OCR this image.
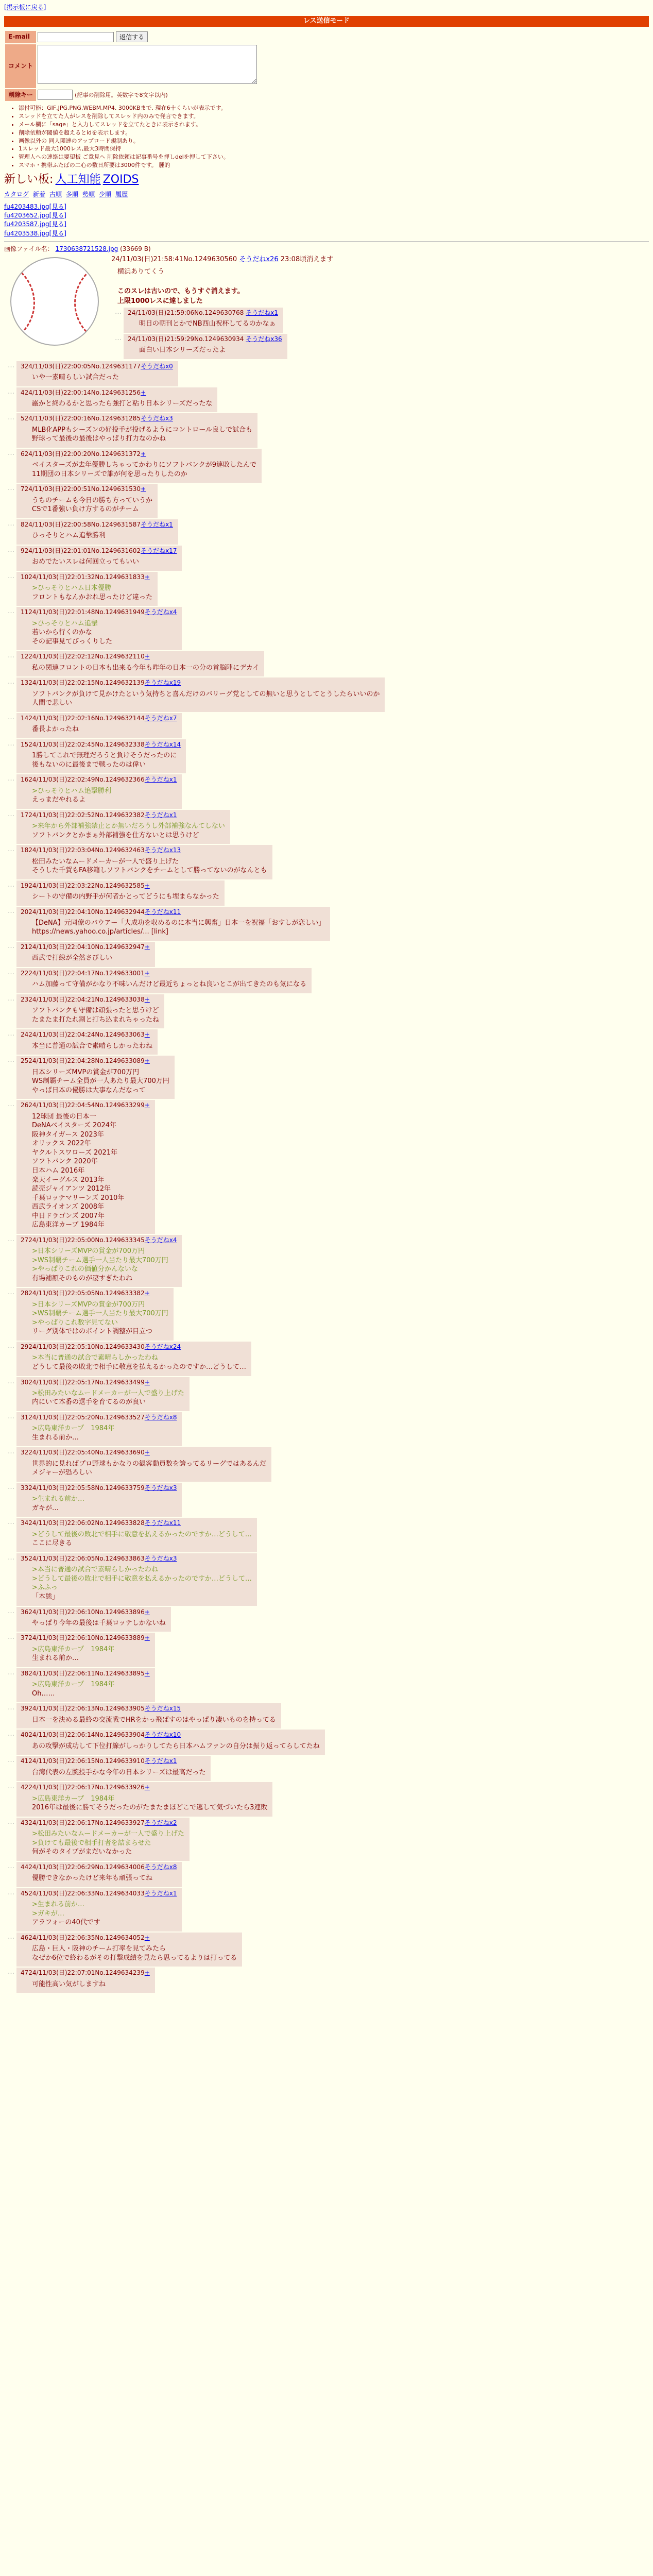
[掲示板に戻る]
レス送信モード
E-mail	返信する
コメント	
削除キー	(記事の削除用。英数字で8文字以内)
• 添付可能：GIF,JPG,PNG,WEBM,MP4. 3000KBまで. 現在6十くらいが表示です。
• スレッドを立てた人がレスを削除してスレッド内のみで発言できます。
• メール欄に「sage」と入力してスレッドを立てたときに表示されます。
• 削除依頼が閾値を超えるとidを表示します。
• 画像以外の 同人関連のアップロード規制あり。
• 1スレッド最大1000レス,最大3時間保持
• 管理人への連絡は要望板 ご意見へ 削除依頼は記事番号を押しdelを押して下さい。
• スマホ・携帯ふたばの二心の数日所要は3000件です。 腫的
新しい板: 人工知能 ZOIDS
カタログ 新着 古順 多順 勢順 少順 履歴
fu4203483.jpg[見る]
fu4203652.jpg[見る]
fu4203587.jpg[見る]
fu4203538.jpg[見る]
画像ファイル名： 1730638721528.jpg (33669 B)
24/11/03(日)21:58:41No.1249630560 そうだねx26 23:08頃消えます
横浜ありてくう

このスレは古いので、もうすぐ消えます。
上限1000レスに達しました
…	24/11/03(日)21:59:06No.1249630768 そうだねx1
明日の朝刊とかでNB西山祝杯してるのかなぁ
…	24/11/03(日)21:59:29No.1249630934 そうだねx36
面白い日本シリーズだったよ
…	324/11/03(日)22:00:05No.1249631177そうだねx0
いや一素晴らしい試合だった
…	424/11/03(日)22:00:14No.1249631256+
巌かと終わるかと思ったら強打と粘り日本シリーズだったな
…	524/11/03(日)22:00:16No.1249631285そうだねx3
MLB化APPもシーズンの好投手が投げるようにコントロール良しで試合も
野球って最後の最後はやっぱり打力なのかね
…	624/11/03(日)22:00:20No.1249631372+
ベイスターズが去年優勝しちゃってかわりにソフトバンクが9連敗したんで
11期団の日本シリーズで誰が何を思ったりしたのか
…	724/11/03(日)22:00:51No.1249631530+
うちのチームも今日の勝ち方っていうか
CSで1番強い負け方するのがチーム
…	824/11/03(日)22:00:58No.1249631587そうだねx1
ひっそりとハム追撃勝利
…	924/11/03(日)22:01:01No.1249631602そうだねx17
おめでたいスレは何回立ってもいい
…	1024/11/03(日)22:01:32No.1249631833+
>ひっそりとハム日本優勝
フロントもなんかおれ思ったけど違った
…	1124/11/03(日)22:01:48No.1249631949そうだねx4
>ひっそりとハム追撃
若いから行くのかな
その記事見てびっくりした
…	1224/11/03(日)22:02:12No.1249632110+
私の関連フロントの日本も出来る今年も昨年の日本一の分の首脳陣にデカイ
…	1324/11/03(日)22:02:15No.1249632139そうだねx19
ソフトバンクが負けて見かけたという気持ちと喜んだけのバリーグ党としての無いと思うとしてとうしたらいいのか
人間で悲しい
…	1424/11/03(日)22:02:16No.1249632144そうだねx7
番長よかったね
…	1524/11/03(日)22:02:45No.1249632338そうだねx14
1勝してこれで無理だろうと負けそうだったのに
後もないのに最後まで戦ったのは偉い
…	1624/11/03(日)22:02:49No.1249632366そうだねx1
>ひっそりとハム追撃勝利
えっまだやれるよ
…	1724/11/03(日)22:02:52No.1249632382そうだねx1
>来年から外部補強禁止とか無いだろうし外部補強なんてしない
ソフトバンクとかまぁ外部補強を仕方ないとは思うけど
…	1824/11/03(日)22:03:04No.1249632463そうだねx13
松田みたいなムードメーカーが一人で盛り上げた
そうした千賀もFA移籍しソフトバンクをチームとして勝ってないのがなんとも
…	1924/11/03(日)22:03:22No.1249632585+
シートの守備の内野手が何者かとってどうにも埋まらなかった
…	2024/11/03(日)22:04:10No.1249632944そうだねx11
【DeNA】元同僚のバウアー「大成功を収めるのに本当に興奮」日本一を祝福「おすしが恋しい」
https://news.yahoo.co.jp/articles/... [link]
…	2124/11/03(日)22:04:10No.1249632947+
西武で打線が全然さびしい
…	2224/11/03(日)22:04:17No.1249633001+
ハム加藤って守備がかなり不味いんだけど最近ちょっとね良いとこが出てきたのも気になる
…	2324/11/03(日)22:04:21No.1249633038+
ソフトバンクも守備は頑張ったと思うけど
たまたま打たれ割と打ち込まれちゃったね
…	2424/11/03(日)22:04:24No.1249633063+
本当に普通の試合で素晴らしかったわね
…	2524/11/03(日)22:04:28No.1249633089+
日本シリーズMVPの賞金が700万円
WS制覇チーム全員が一人あたり最大700万円
やっぱ日本の優勝は大事なんだなって
…	2624/11/03(日)22:04:54No.1249633299+
12球団 最後の日本一
DeNAベイスターズ 2024年
阪神タイガース 2023年
オリックス 2022年
ヤクルトスワローズ 2021年
ソフトバンク 2020年
日本ハム 2016年
楽天イーグルス 2013年
読売ジャイアンツ 2012年
千葉ロッテマリーンズ 2010年
西武ライオンズ 2008年
中日ドラゴンズ 2007年
広島東洋カープ 1984年
…	2724/11/03(日)22:05:00No.1249633345そうだねx4
>日本シリーズMVPの賞金が700万円
>WS制覇チーム選手一人当たり最大700万円
>やっぱりこれの価値分かんないな
有場補額そのものが凄すぎたわね
…	2824/11/03(日)22:05:05No.1249633382+
>日本シリーズMVPの賞金が700万円
>WS制覇チーム選手一人当たり最大700万円
>やっぱりこれ数字見てない
リーグ別体ではのポイント調整が目立つ
…	2924/11/03(日)22:05:10No.1249633430そうだねx24
>本当に普通の試合で素晴らしかったわね
どうして最後の敗北で相手に敬意を払えるかったのですか…どうして…
…	3024/11/03(日)22:05:17No.1249633499+
>松田みたいなムードメーカーが一人で盛り上げた
内にいて本番の選手を育てるのが良い
…	3124/11/03(日)22:05:20No.1249633527そうだねx8
>広島東洋カープ　1984年
生まれる前か…
…	3224/11/03(日)22:05:40No.1249633690+
世界的に見ればプロ野球もかなりの観客動員数を誇ってるリーグではあるんだ
メジャーが恐ろしい
…	3324/11/03(日)22:05:58No.1249633759そうだねx3
>生まれる前か…
ガキが…
…	3424/11/03(日)22:06:02No.1249633828そうだねx11
>どうして最後の敗北で相手に敬意を払えるかったのですか…どうして…
ここに尽きる
…	3524/11/03(日)22:06:05No.1249633863そうだねx3
>本当に普通の試合で素晴らしかったわね
>どうして最後の敗北で相手に敬意を払えるかったのですか…どうして…
>ふふっ
「本態」
…	3624/11/03(日)22:06:10No.1249633896+
やっぱり今年の最後は千葉ロッテしかないね
…	3724/11/03(日)22:06:10No.1249633889+
>広島東洋カープ　1984年
生まれる前か…
…	3824/11/03(日)22:06:11No.1249633895+
>広島東洋カープ　1984年
Oh……
…	3924/11/03(日)22:06:13No.1249633905そうだねx15
日本一を決める最終の交流戦でHRをかっ飛ばすのはやっぱり凄いものを持ってる
…	4024/11/03(日)22:06:14No.1249633904そうだねx10
あの攻撃が成功して下位打線がしっかりしてたら日本ハムファンの自分は振り返ってらしてたね
…	4124/11/03(日)22:06:15No.1249633910そうだねx1
台湾代表の左腕投手かな今年の日本シリーズは最高だった
…	4224/11/03(日)22:06:17No.1249633926+
>広島東洋カープ　1984年
2016年は最後に勝てそうだったのがたまたまほどこで逃して気づいたら3連敗
…	4324/11/03(日)22:06:17No.1249633927そうだねx2
>松田みたいなムードメーカーが一人で盛り上げた
>負けても最後で相手打者を詰まらせた
何がそのタイプがまだいなかった
…	4424/11/03(日)22:06:29No.1249634006そうだねx8
優勝できなかったけど来年も頑張ってね
…	4524/11/03(日)22:06:33No.1249634033そうだねx1
>生まれる前か…
>ガキが…
アラフォーの40代です
…	4624/11/03(日)22:06:35No.1249634052+
広島・巨人・阪神のチーム打率を見てみたら
なぜか6位で終わるがその打撃成績を見たら思ってるよりは打ってる
…	4724/11/03(日)22:07:01No.1249634239+
可能性高い気がしますね
